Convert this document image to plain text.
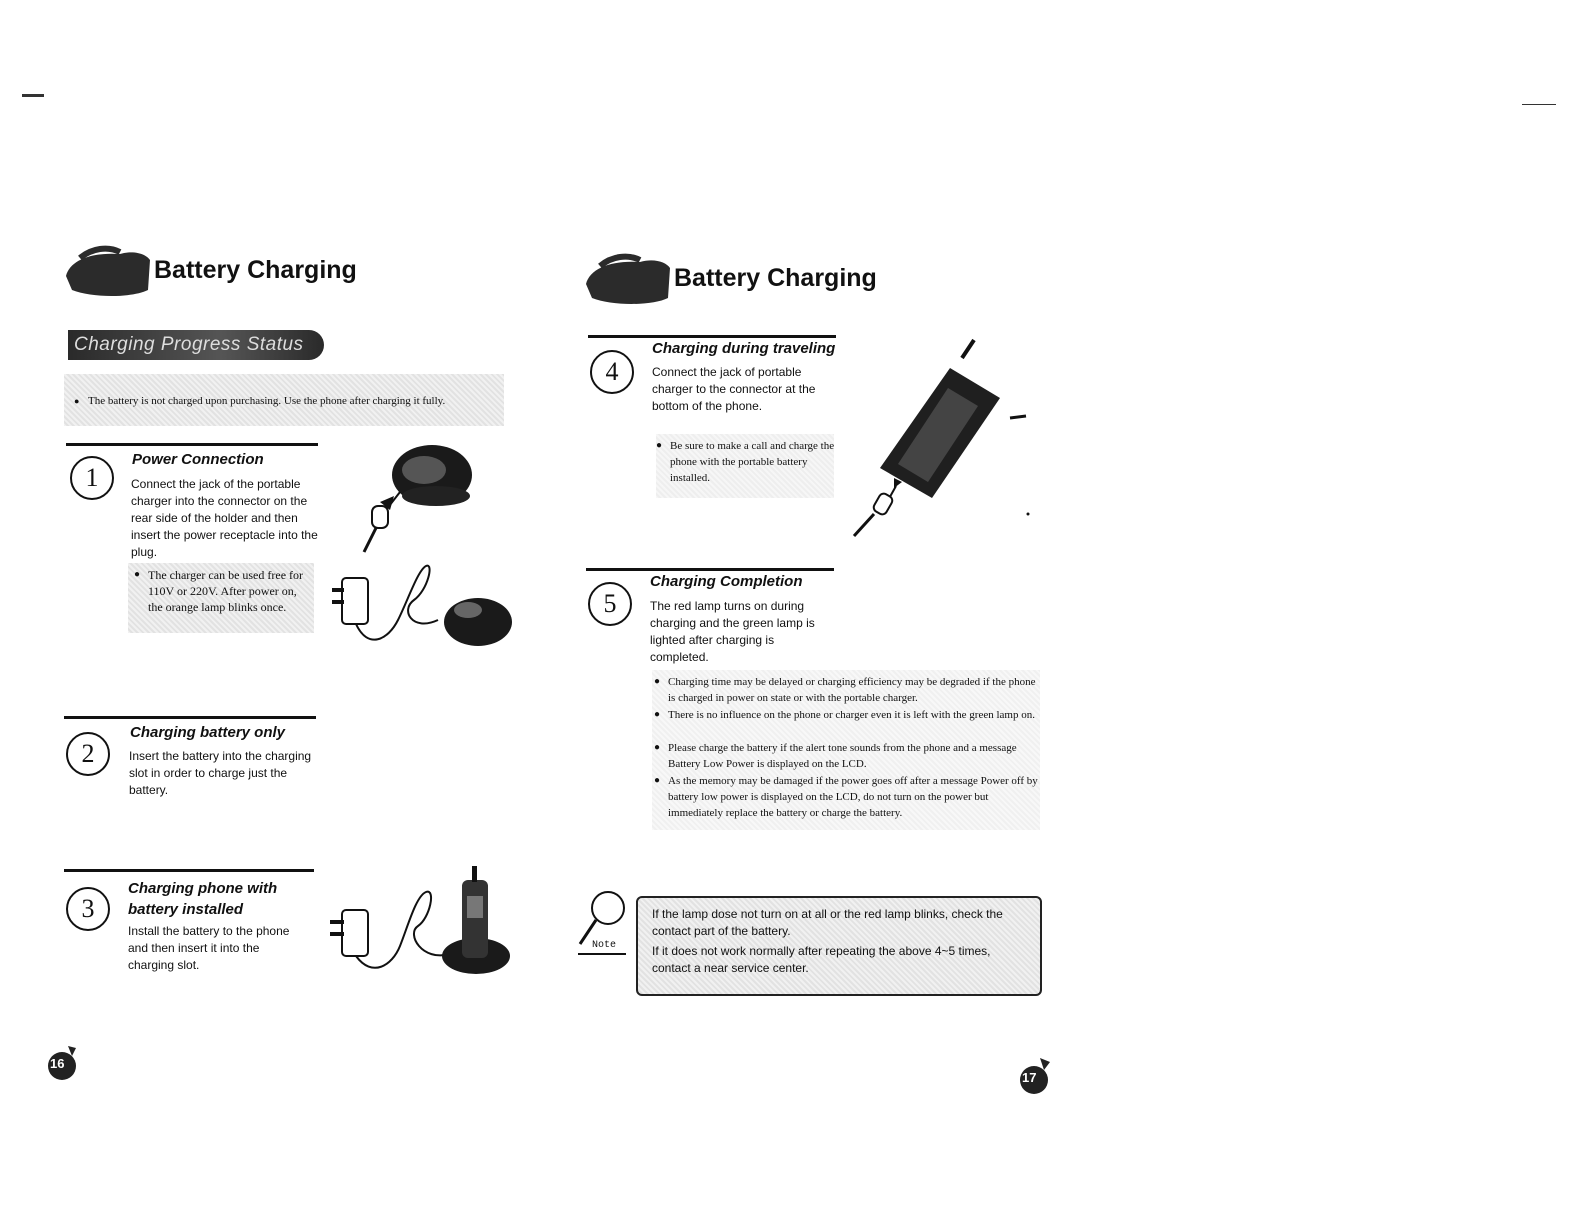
Battery Charging
Charging Progress Status
● The battery is not charged upon purchasing. Use the phone after charging it fully.
1
Power Connection
Connect the jack of the portable charger into the connector on the rear side of the holder and then insert the power receptacle into the plug.
● The charger can be used free for 110V or 220V. After power on, the orange lamp blinks once.
2
Charging battery only
Insert the battery into the charging slot in order to charge just the battery.
3
Charging phone with battery installed
Install the battery to the phone and then insert it into the charging slot.
16
Battery Charging
4
Charging during traveling
Connect the jack of portable charger to the connector at the bottom of the phone.
● Be sure to make a call and charge the phone with the portable battery installed.
5
Charging Completion
The red lamp turns on during charging and the green lamp is lighted after charging is completed.
● Charging time may be delayed or charging efficiency may be degraded if the phone is charged in power on state or with the portable charger.
● There is no influence on the phone or charger even it is left with the green lamp on.
● Please charge the battery if the alert tone sounds from the phone and a message Battery Low Power is displayed on the LCD.
● As the memory may be damaged if the power goes off after a message Power off by battery low power is displayed on the LCD, do not turn on the power but immediately replace the battery or charge the battery.
Note
If the lamp dose not turn on at all or the red lamp blinks, check the contact part of the battery.
If it does not work normally after repeating the above 4~5 times, contact a near service center.
17
